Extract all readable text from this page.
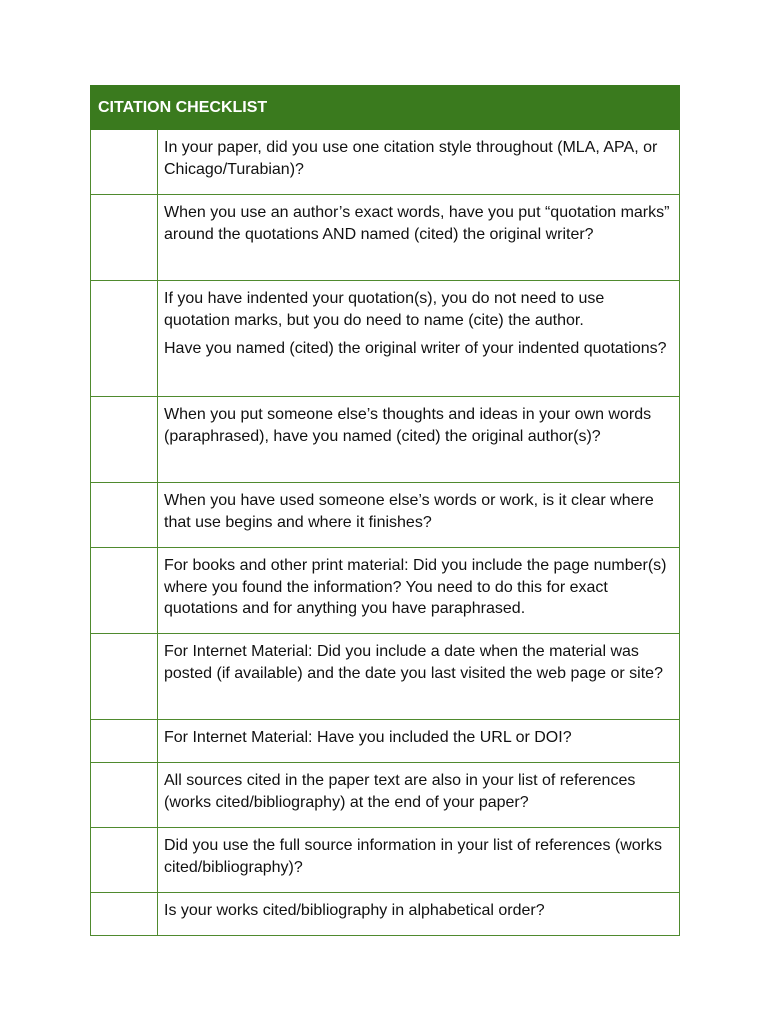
CITATION CHECKLIST	

	In your paper, did you use one citation style throughout (MLA, APA, or Chicago/Turabian)?

	When you use an author’s exact words, have you put “quotation marks” around the quotations AND named (cited) the original writer?

	If you have indented your quotation(s), you do not need to use quotation marks, but you do need to name (cite) the author.

Have you named (cited) the original writer of your indented quotations?

	When you put someone else’s thoughts and ideas in your own words (paraphrased), have you named (cited) the original author(s)?

	When you have used someone else’s words or work, is it clear where that use begins and where it finishes?

	For books and other print material: Did you include the page number(s) where you found the information? You need to do this for exact quotations and for anything you have paraphrased.

	For Internet Material: Did you include a date when the material was posted (if available) and the date you last visited the web page or site?

	For Internet Material: Have you included the URL or DOI?

	All sources cited in the paper text are also in your list of references (works cited/bibliography) at the end of your paper?

	Did you use the full source information in your list of references (works cited/bibliography)?

	Is your works cited/bibliography in alphabetical order?
